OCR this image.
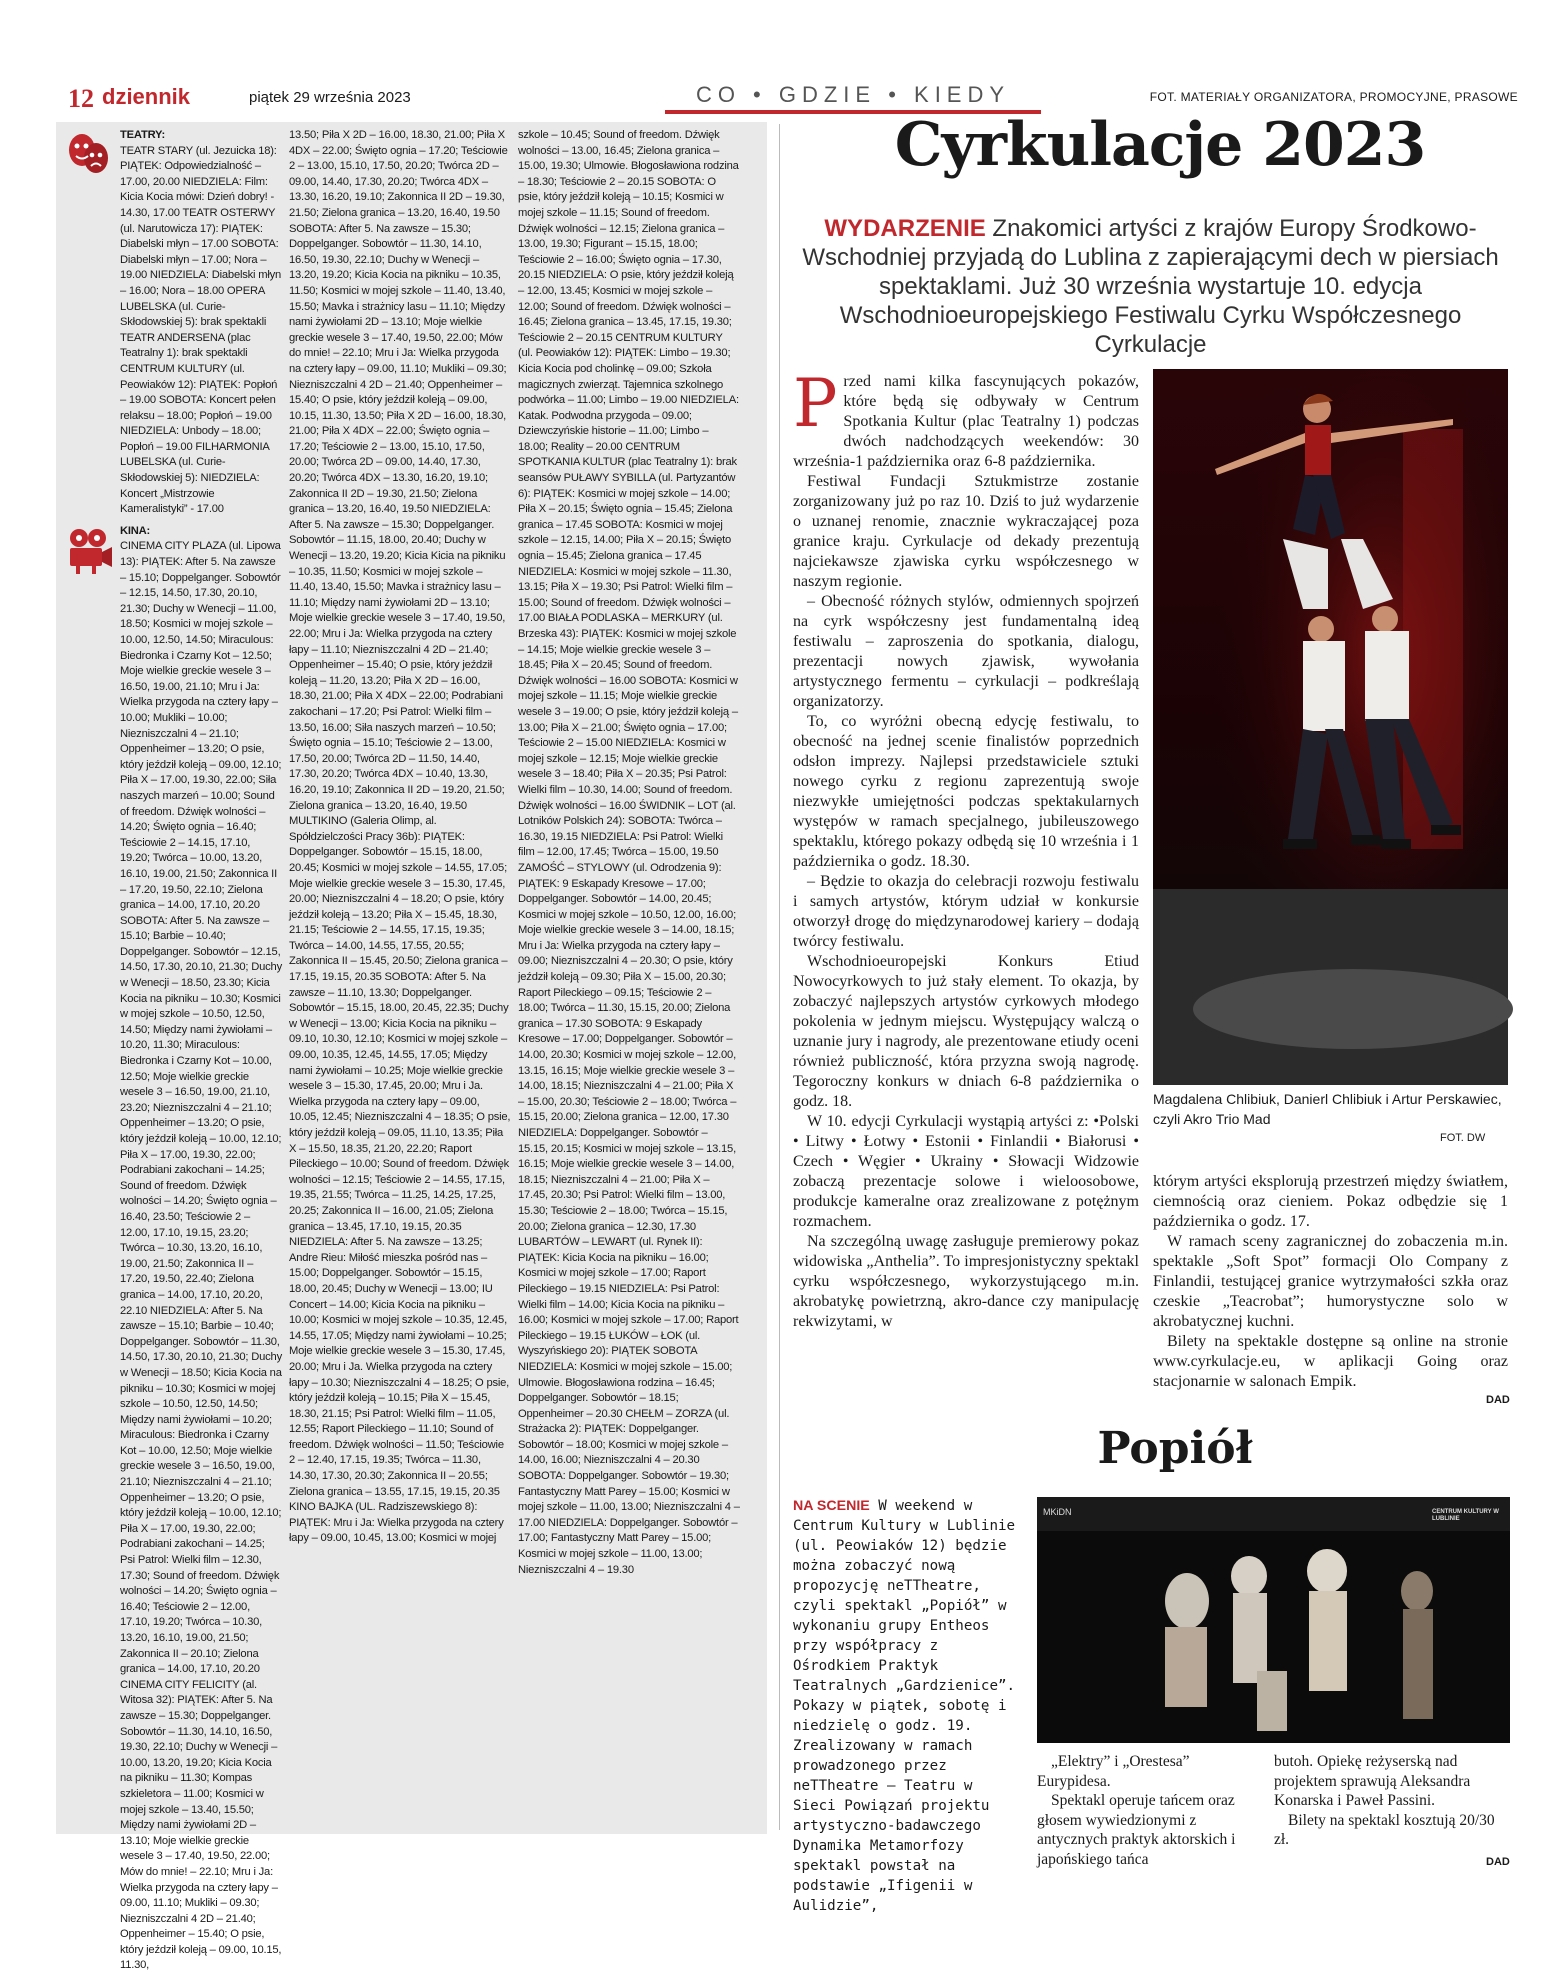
12 dziennik	piątek 29 września 2023	CO • GDZIE • KIEDY	FOT. MATERIAŁY ORGANIZATORA, PROMOCYJNE, PRASOWE
TEATRY:
TEATR STARY (ul. Jezuicka 18): PIĄTEK: Odpowiedzialność – 17.00, 20.00 NIEDZIELA: Film: Kicia Kocia mówi: Dzień dobry! - 14.30, 17.00 TEATR OSTERWY (ul. Narutowicza 17): PIĄTEK: Diabelski młyn – 17.00 SOBOTA: Diabelski młyn – 17.00; Nora – 19.00 NIEDZIELA: Diabelski młyn – 16.00; Nora – 18.00 OPERA LUBELSKA (ul. Curie-Skłodowskiej 5): brak spektakli TEATR ANDERSENA (plac Teatralny 1): brak spektakli CENTRUM KULTURY (ul. Peowiaków 12): PIĄTEK: Popłoń – 19.00 SOBOTA: Koncert pełen relaksu – 18.00; Popłoń – 19.00 NIEDZIELA: Unbody – 18.00; Popłoń – 19.00 FILHARMONIA LUBELSKA (ul. Curie-Skłodowskiej 5): NIEDZIELA: Koncert „Mistrzowie Kameralistyki” - 17.00
KINA:
CINEMA CITY PLAZA (ul. Lipowa 13): PIĄTEK: After 5. Na zawsze – 15.10; Doppelganger. Sobowtór – 12.15, 14.50, 17.30, 20.10, 21.30; Duchy w Wenecji – 11.00, 18.50; Kosmici w mojej szkole – 10.00, 12.50, 14.50; Miraculous: Biedronka i Czarny Kot – 12.50; Moje wielkie greckie wesele 3 – 16.50, 19.00, 21.10; Mru i Ja: Wielka przygoda na cztery łapy – 10.00; Mukliki – 10.00; Niezniszczalni 4 – 21.10; Oppenheimer – 13.20; O psie, który jeździł koleją – 09.00, 12.10; Piła X – 17.00, 19.30, 22.00; Siła naszych marzeń – 10.00; Sound of freedom. Dźwięk wolności – 14.20; Święto ognia – 16.40; Teściowie 2 – 14.15, 17.10, 19.20; Twórca – 10.00, 13.20, 16.10, 19.00, 21.50; Zakonnica II – 17.20, 19.50, 22.10; Zielona granica – 14.00, 17.10, 20.20 SOBOTA: After 5. Na zawsze – 15.10; Barbie – 10.40; Doppelganger. Sobowtór – 12.15, 14.50, 17.30, 20.10, 21.30; Duchy w Wenecji – 18.50, 23.30; Kicia Kocia na pikniku – 10.30; Kosmici w mojej szkole – 10.50, 12.50, 14.50; Między nami żywiołami – 10.20, 11.30; Miraculous: Biedronka i Czarny Kot – 10.00, 12.50; Moje wielkie greckie wesele 3 – 16.50, 19.00, 21.10, 23.20; Niezniszczalni 4 – 21.10; Oppenheimer – 13.20; O psie, który jeździł koleją – 10.00, 12.10; Piła X – 17.00, 19.30, 22.00; Podrabiani zakochani – 14.25; Sound of freedom. Dźwięk wolności – 14.20; Święto ognia – 16.40, 23.50; Teściowie 2 – 12.00, 17.10, 19.15, 23.20; Twórca – 10.30, 13.20, 16.10, 19.00, 21.50; Zakonnica II – 17.20, 19.50, 22.40; Zielona granica – 14.00, 17.10, 20.20, 22.10 NIEDZIELA: After 5. Na zawsze – 15.10; Barbie – 10.40; Doppelganger. Sobowtór – 11.30, 14.50, 17.30, 20.10, 21.30; Duchy w Wenecji – 18.50; Kicia Kocia na pikniku – 10.30; Kosmici w mojej szkole – 10.50, 12.50, 14.50; Między nami żywiołami – 10.20; Miraculous: Biedronka i Czarny Kot – 10.00, 12.50; Moje wielkie greckie wesele 3 – 16.50, 19.00, 21.10; Niezniszczalni 4 – 21.10; Oppenheimer – 13.20; O psie, który jeździł koleją – 10.00, 12.10; Piła X – 17.00, 19.30, 22.00; Podrabiani zakochani – 14.25; Psi Patrol: Wielki film – 12.30, 17.30; Sound of freedom. Dźwięk wolności – 14.20; Święto ognia – 16.40; Teściowie 2 – 12.00, 17.10, 19.20; Twórca – 10.30, 13.20, 16.10, 19.00, 21.50; Zakonnica II – 20.10; Zielona granica – 14.00, 17.10, 20.20 CINEMA CITY FELICITY (al. Witosa 32): PIĄTEK: After 5. Na zawsze – 15.30; Doppelganger. Sobowtór – 11.30, 14.10, 16.50, 19.30, 22.10; Duchy w Wenecji – 10.00, 13.20, 19.20; Kicia Kocia na pikniku – 11.30; Kompas szkieletora – 11.00; Kosmici w mojej szkole – 13.40, 15.50; Między nami żywiołami 2D – 13.10; Moje wielkie greckie wesele 3 – 17.40, 19.50, 22.00; Mów do mnie! – 22.10; Mru i Ja: Wielka przygoda na cztery łapy – 09.00, 11.10; Mukliki – 09.30; Niezniszczalni 4 2D – 21.40; Oppenheimer – 15.40; O psie, który jeździł koleją – 09.00, 10.15, 11.30,
13.50; Piła X 2D – 16.00, 18.30, 21.00; Piła X 4DX – 22.00; Święto ognia – 17.20; Teściowie 2 – 13.00, 15.10, 17.50, 20.20; Twórca 2D – 09.00, 14.40, 17.30, 20.20; Twórca 4DX – 13.30, 16.20, 19.10; Zakonnica II 2D – 19.30, 21.50; Zielona granica – 13.20, 16.40, 19.50 SOBOTA: After 5. Na zawsze – 15.30; Doppelganger. Sobowtór – 11.30, 14.10, 16.50, 19.30, 22.10; Duchy w Wenecji – 13.20, 19.20; Kicia Kocia na pikniku – 10.35, 11.50; Kosmici w mojej szkole – 11.40, 13.40, 15.50; Mavka i strażnicy lasu – 11.10; Między nami żywiołami 2D – 13.10; Moje wielkie greckie wesele 3 – 17.40, 19.50, 22.00; Mów do mnie! – 22.10; Mru i Ja: Wielka przygoda na cztery łapy – 09.00, 11.10; Mukliki – 09.30; Niezniszczalni 4 2D – 21.40; Oppenheimer – 15.40; O psie, który jeździł koleją – 09.00, 10.15, 11.30, 13.50; Piła X 2D – 16.00, 18.30, 21.00; Piła X 4DX – 22.00; Święto ognia – 17.20; Teściowie 2 – 13.00, 15.10, 17.50, 20.00; Twórca 2D – 09.00, 14.40, 17.30, 20.20; Twórca 4DX – 13.30, 16.20, 19.10; Zakonnica II 2D – 19.30, 21.50; Zielona granica – 13.20, 16.40, 19.50 NIEDZIELA: After 5. Na zawsze – 15.30; Doppelganger. Sobowtór – 11.15, 18.00, 20.40; Duchy w Wenecji – 13.20, 19.20; Kicia Kicia na pikniku – 10.35, 11.50; Kosmici w mojej szkole – 11.40, 13.40, 15.50; Mavka i strażnicy lasu – 11.10; Między nami żywiołami 2D – 13.10; Moje wielkie greckie wesele 3 – 17.40, 19.50, 22.00; Mru i Ja: Wielka przygoda na cztery łapy – 11.10; Niezniszczalni 4 2D – 21.40; Oppenheimer – 15.40; O psie, który jeździł koleją – 11.20, 13.20; Piła X 2D – 16.00, 18.30, 21.00; Piła X 4DX – 22.00; Podrabiani zakochani – 17.20; Psi Patrol: Wielki film – 13.50, 16.00; Siła naszych marzeń – 10.50; Święto ognia – 15.10; Teściowie 2 – 13.00, 17.50, 20.00; Twórca 2D – 11.50, 14.40, 17.30, 20.20; Twórca 4DX – 10.40, 13.30, 16.20, 19.10; Zakonnica II 2D – 19.20, 21.50; Zielona granica – 13.20, 16.40, 19.50 MULTIKINO (Galeria Olimp, al. Spółdzielczości Pracy 36b): PIĄTEK: Doppelganger. Sobowtór – 15.15, 18.00, 20.45; Kosmici w mojej szkole – 14.55, 17.05; Moje wielkie greckie wesele 3 – 15.30, 17.45, 20.00; Niezniszczalni 4 – 18.20; O psie, który jeździł koleją – 13.20; Piła X – 15.45, 18.30, 21.15; Teściowie 2 – 14.55, 17.15, 19.35; Twórca – 14.00, 14.55, 17.55, 20.55; Zakonnica II – 15.45, 20.50; Zielona granica – 17.15, 19.15, 20.35 SOBOTA: After 5. Na zawsze – 11.10, 13.30; Doppelganger. Sobowtór – 15.15, 18.00, 20.45, 22.35; Duchy w Wenecji – 13.00; Kicia Kocia na pikniku – 09.10, 10.30, 12.10; Kosmici w mojej szkole – 09.00, 10.35, 12.45, 14.55, 17.05; Między nami żywiołami – 10.25; Moje wielkie greckie wesele 3 – 15.30, 17.45, 20.00; Mru i Ja. Wielka przygoda na cztery łapy – 09.00, 10.05, 12.45; Niezniszczalni 4 – 18.35; O psie, który jeździł koleją – 09.05, 11.10, 13.35; Piła X – 15.50, 18.35, 21.20, 22.20; Raport Pileckiego – 10.00; Sound of freedom. Dźwięk wolności – 12.15; Teściowie 2 – 14.55, 17.15, 19.35, 21.55; Twórca – 11.25, 14.25, 17.25, 20.25; Zakonnica II – 16.00, 21.05; Zielona granica – 13.45, 17.10, 19.15, 20.35 NIEDZIELA: After 5. Na zawsze – 13.25; Andre Rieu: Miłość mieszka pośród nas – 15.00; Doppelganger. Sobowtór – 15.15, 18.00, 20.45; Duchy w Wenecji – 13.00; IU Concert – 14.00; Kicia Kocia na pikniku – 10.00; Kosmici w mojej szkole – 10.35, 12.45, 14.55, 17.05; Między nami żywiołami – 10.25; Moje wielkie greckie wesele 3 – 15.30, 17.45, 20.00; Mru i Ja. Wielka przygoda na cztery łapy – 10.30; Niezniszczalni 4 – 18.25; O psie, który jeździł koleją – 10.15; Piła X – 15.45, 18.30, 21.15; Psi Patrol: Wielki film – 11.05, 12.55; Raport Pileckiego – 11.10; Sound of freedom. Dźwięk wolności – 11.50; Teściowie 2 – 12.40, 17.15, 19.35; Twórca – 11.30, 14.30, 17.30, 20.30; Zakonnica II – 20.55; Zielona granica – 13.55, 17.15, 19.15, 20.35 KINO BAJKA (UL. Radziszewskiego 8): PIĄTEK: Mru i Ja: Wielka przygoda na cztery łapy – 09.00, 10.45, 13.00; Kosmici w mojej
szkole – 10.45; Sound of freedom. Dźwięk wolności – 13.00, 16.45; Zielona granica – 15.00, 19.30; Ulmowie. Błogosławiona rodzina – 18.30; Teściowie 2 – 20.15 SOBOTA: O psie, który jeździł koleją – 10.15; Kosmici w mojej szkole – 11.15; Sound of freedom. Dźwięk wolności – 12.15; Zielona granica – 13.00, 19.30; Figurant – 15.15, 18.00; Teściowie 2 – 16.00; Święto ognia – 17.30, 20.15 NIEDZIELA: O psie, który jeździł koleją – 12.00, 13.45; Kosmici w mojej szkole – 12.00; Sound of freedom. Dźwięk wolności – 16.45; Zielona granica – 13.45, 17.15, 19.30; Teściowie 2 – 20.15 CENTRUM KULTURY (ul. Peowiaków 12): PIĄTEK: Limbo – 19.30; Kicia Kocia pod cholinkę – 09.00; Szkoła magicznych zwierząt. Tajemnica szkolnego podwórka – 11.00; Limbo – 19.00 NIEDZIELA: Katak. Podwodna przygoda – 09.00; Dziewczyńskie historie – 11.00; Limbo – 18.00; Reality – 20.00 CENTRUM SPOTKANIA KULTUR (plac Teatralny 1): brak seansów PUŁAWY SYBILLA (ul. Partyzantów 6): PIĄTEK: Kosmici w mojej szkole – 14.00; Piła X – 20.15; Święto ognia – 15.45; Zielona granica – 17.45 SOBOTA: Kosmici w mojej szkole – 12.15, 14.00; Piła X – 20.15; Święto ognia – 15.45; Zielona granica – 17.45 NIEDZIELA: Kosmici w mojej szkole – 11.30, 13.15; Piła X – 19.30; Psi Patrol: Wielki film – 15.00; Sound of freedom. Dźwięk wolności – 17.00 BIAŁA PODLASKA – MERKURY (ul. Brzeska 43): PIĄTEK: Kosmici w mojej szkole – 14.15; Moje wielkie greckie wesele 3 – 18.45; Piła X – 20.45; Sound of freedom. Dźwięk wolności – 16.00 SOBOTA: Kosmici w mojej szkole – 11.15; Moje wielkie greckie wesele 3 – 19.00; O psie, który jeździł koleją – 13.00; Piła X – 21.00; Święto ognia – 17.00; Teściowie 2 – 15.00 NIEDZIELA: Kosmici w mojej szkole – 12.15; Moje wielkie greckie wesele 3 – 18.40; Piła X – 20.35; Psi Patrol: Wielki film – 10.30, 14.00; Sound of freedom. Dźwięk wolności – 16.00 ŚWIDNIK – LOT (al. Lotników Polskich 24): SOBOTA: Twórca – 16.30, 19.15 NIEDZIELA: Psi Patrol: Wielki film – 12.00, 17.45; Twórca – 15.00, 19.50 ZAMOŚĆ – STYLOWY (ul. Odrodzenia 9): PIĄTEK: 9 Eskapady Kresowe – 17.00; Doppelganger. Sobowtór – 14.00, 20.45; Kosmici w mojej szkole – 10.50, 12.00, 16.00; Moje wielkie greckie wesele 3 – 14.00, 18.15; Mru i Ja: Wielka przygoda na cztery łapy – 09.00; Niezniszczalni 4 – 20.30; O psie, który jeździł koleją – 09.30; Piła X – 15.00, 20.30; Raport Pileckiego – 09.15; Teściowie 2 – 18.00; Twórca – 11.30, 15.15, 20.00; Zielona granica – 17.30 SOBOTA: 9 Eskapady Kresowe – 17.00; Doppelganger. Sobowtór – 14.00, 20.30; Kosmici w mojej szkole – 12.00, 13.15, 16.15; Moje wielkie greckie wesele 3 – 14.00, 18.15; Niezniszczalni 4 – 21.00; Piła X – 15.00, 20.30; Teściowie 2 – 18.00; Twórca – 15.15, 20.00; Zielona granica – 12.00, 17.30 NIEDZIELA: Doppelganger. Sobowtór – 15.15, 20.15; Kosmici w mojej szkole – 13.15, 16.15; Moje wielkie greckie wesele 3 – 14.00, 18.15; Niezniszczalni 4 – 21.00; Piła X – 17.45, 20.30; Psi Patrol: Wielki film – 13.00, 15.30; Teściowie 2 – 18.00; Twórca – 15.15, 20.00; Zielona granica – 12.30, 17.30 LUBARTÓW – LEWART (ul. Rynek II): PIĄTEK: Kicia Kocia na pikniku – 16.00; Kosmici w mojej szkole – 17.00; Raport Pileckiego – 19.15 NIEDZIELA: Psi Patrol: Wielki film – 14.00; Kicia Kocia na pikniku – 16.00; Kosmici w mojej szkole – 17.00; Raport Pileckiego – 19.15 ŁUKÓW – ŁOK (ul. Wyszyńskiego 20): PIĄTEK SOBOTA NIEDZIELA: Kosmici w mojej szkole – 15.00; Ulmowie. Błogosławiona rodzina – 16.45; Doppelganger. Sobowtór – 18.15; Oppenheimer – 20.30 CHEŁM – ZORZA (ul. Strażacka 2): PIĄTEK: Doppelganger. Sobowtór – 18.00; Kosmici w mojej szkole – 14.00, 16.00; Niezniszczalni 4 – 20.30 SOBOTA: Doppelganger. Sobowtór – 19.30; Fantastyczny Matt Parey – 15.00; Kosmici w mojej szkole – 11.00, 13.00; Niezniszczalni 4 – 17.00 NIEDZIELA: Doppelganger. Sobowtór – 17.00; Fantastyczny Matt Parey – 15.00; Kosmici w mojej szkole – 11.00, 13.00; Niezniszczalni 4 – 19.30
Cyrkulacje 2023
WYDARZENIE Znakomici artyści z krajów Europy Środkowo-Wschodniej przyjadą do Lublina z zapierającymi dech w piersiach spektaklami. Już 30 września wystartuje 10. edycja Wschodnioeuropejskiego Festiwalu Cyrku Współczesnego Cyrkulacje

Przed nami kilka fascynujących pokazów, które będą się odbywały w Centrum Spotkania Kultur (plac Teatralny 1) podczas dwóch nadchodzących weekendów: 30 września-1 października oraz 6-8 października.

Festiwal Fundacji Sztukmistrze zostanie zorganizowany już po raz 10. Dziś to już wydarzenie o uznanej renomie, znacznie wykraczającej poza granice kraju. Cyrkulacje od dekady prezentują najciekawsze zjawiska cyrku współczesnego w naszym regionie.

– Obecność różnych stylów, odmiennych spojrzeń na cyrk współczesny jest fundamentalną ideą festiwalu – zaproszenia do spotkania, dialogu, prezentacji nowych zjawisk, wywołania artystycznego fermentu – cyrkulacji – podkreślają organizatorzy.

To, co wyróżni obecną edycję festiwalu, to obecność na jednej scenie finalistów poprzednich odsłon imprezy. Najlepsi przedstawiciele sztuki nowego cyrku z regionu zaprezentują swoje niezwykłe umiejętności podczas spektakularnych występów w ramach specjalnego, jubileuszowego spektaklu, którego pokazy odbędą się 10 września i 1 października o godz. 18.30.

– Będzie to okazja do celebracji rozwoju festiwalu i samych artystów, którym udział w konkursie otworzył drogę do międzynarodowej kariery – dodają twórcy festiwalu.

Wschodnioeuropejski Konkurs Etiud Nowocyrkowych to już stały element. To okazja, by zobaczyć najlepszych artystów cyrkowych młodego pokolenia w jednym miejscu. Występujący walczą o uznanie jury i nagrody, ale prezentowane etiudy oceni również publiczność, która przyzna swoją nagrodę. Tegoroczny konkurs w dniach 6-8 października o godz. 18.

W 10. edycji Cyrkulacji wystąpią artyści z: •Polski • Litwy • Łotwy • Estonii • Finlandii • Białorusi • Czech • Węgier • Ukrainy • Słowacji Widzowie zobaczą prezentacje solowe i wieloosobowe, produkcje kameralne oraz zrealizowane z potężnym rozmachem.

Na szczególną uwagę zasługuje premierowy pokaz widowiska „Anthelia”. To impresjonistyczny spektakl cyrku współczesnego, wykorzystującego m.in. akrobatykę powietrzną, akro-dance czy manipulację rekwizytami, w

Magdalena Chlibiuk, Danierl Chlibiuk i Artur Perskawiec, czyli Akro Trio Mad
FOT. DW

którym artyści eksplorują przestrzeń między światłem, ciemnością oraz cieniem. Pokaz odbędzie się 1 października o godz. 17.

W ramach sceny zagranicznej do zobaczenia m.in. spektakle „Soft Spot” formacji Olo Company z Finlandii, testującej granice wytrzymałości szkła oraz czeskie „Teacrobat”; humorystyczne solo w akrobatycznej kuchni.

Bilety na spektakle dostępne są online na stronie www.cyrkulacje.eu, w aplikacji Going oraz stacjonarnie w salonach Empik.

DAD
Popiół

NA SCENIE W weekend w Centrum Kultury w Lublinie (ul. Peowiaków 12) będzie można zobaczyć nową propozycję neTTheatre, czyli spektakl „Popiół” w wykonaniu grupy Entheos przy współpracy z Ośrodkiem Praktyk Teatralnych „Gardzienice”. Pokazy w piątek, sobotę i niedzielę o godz. 19. Zrealizowany w ramach prowadzonego przez neTTheatre – Teatru w Sieci Powiązań projektu artystyczno-badawczego Dynamika Metamorfozy spektakl powstał na podstawie „Ifigenii w Aulidzie”,

MKiDN	CENTRUM KULTURY W LUBLINIE

„Elektry” i „Orestesa” Eurypidesa.

Spektakl operuje tańcem oraz głosem wywiedzionymi z antycznych praktyk aktorskich i japońskiego tańca

butoh. Opiekę reżyserską nad projektem sprawują Aleksandra Konarska i Paweł Passini.

Bilety na spektakl kosztują 20/30 zł.

DAD
